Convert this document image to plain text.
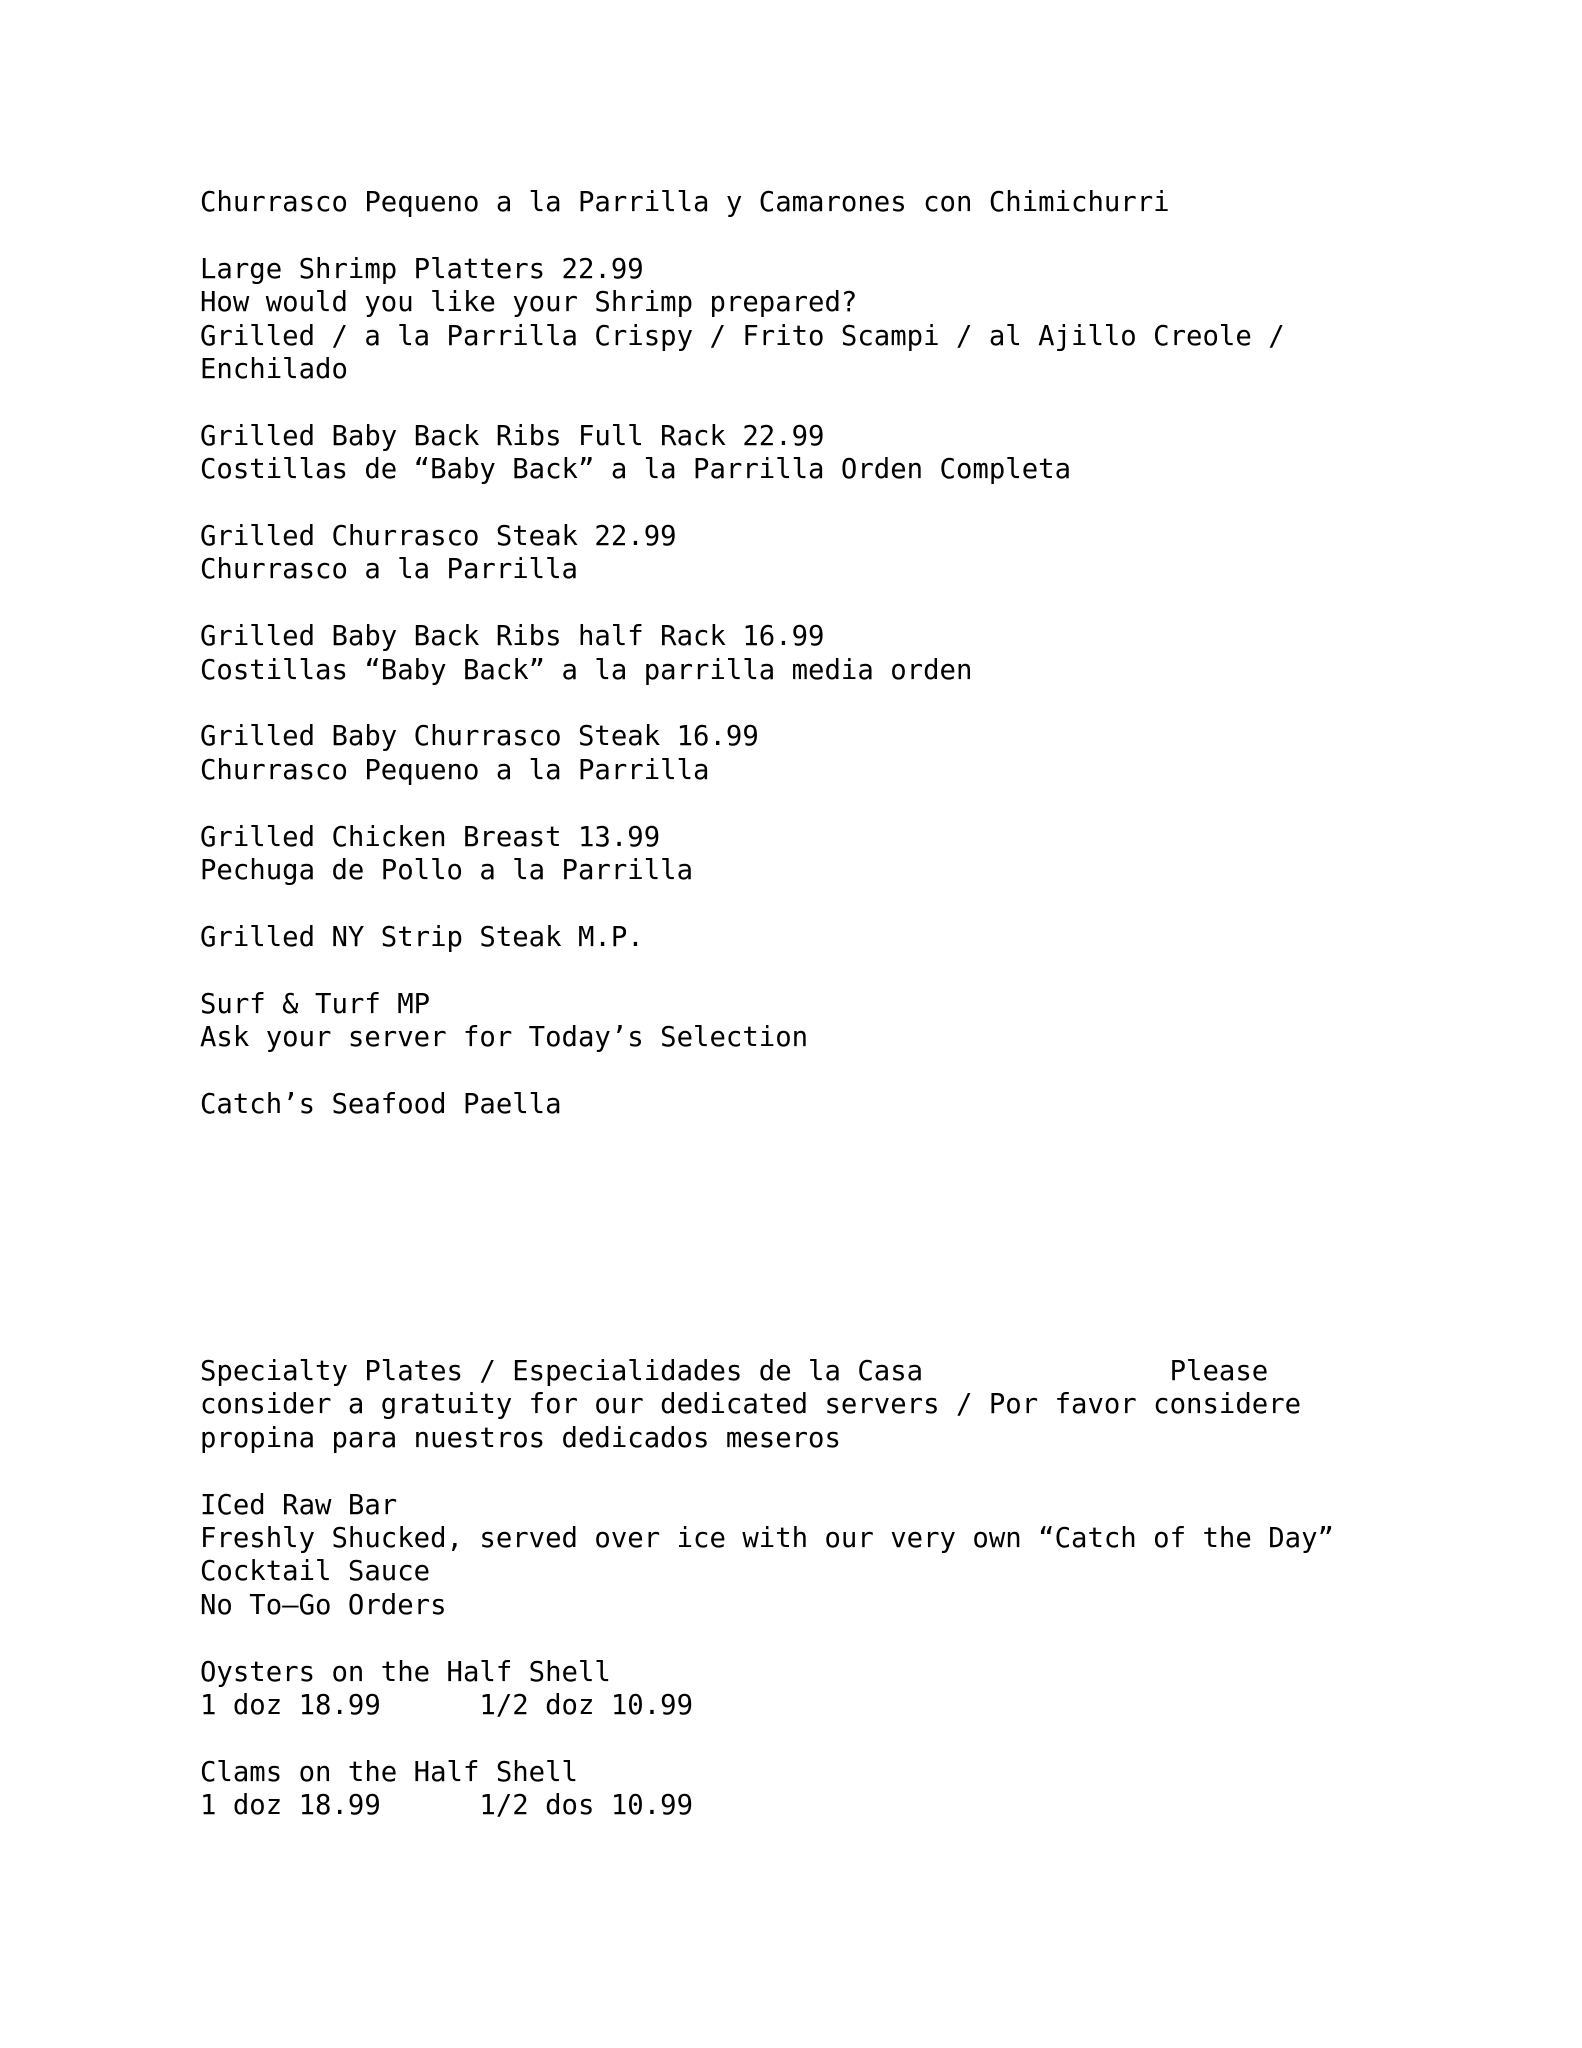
Churrasco Pequeno a la Parrilla y Camarones con Chimichurri
Large Shrimp Platters 22.99
How would you like your Shrimp prepared?
Grilled / a la Parrilla Crispy / Frito Scampi / al Ajillo Creole /
Enchilado
Grilled Baby Back Ribs Full Rack 22.99
Costillas de “Baby Back” a la Parrilla Orden Completa
Grilled Churrasco Steak 22.99
Churrasco a la Parrilla
Grilled Baby Back Ribs half Rack 16.99
Costillas “Baby Back” a la parrilla media orden
Grilled Baby Churrasco Steak 16.99
Churrasco Pequeno a la Parrilla
Grilled Chicken Breast 13.99
Pechuga de Pollo a la Parrilla
Grilled NY Strip Steak M.P.
Surf & Turf MP
Ask your server for Today’s Selection
Catch’s Seafood Paella
Specialty Plates / Especialidades de la Casa               Please
consider a gratuity for our dedicated servers / Por favor considere
propina para nuestros dedicados meseros
ICed Raw Bar
Freshly Shucked, served over ice with our very own “Catch of the Day”
Cocktail Sauce
No To–Go Orders
Oysters on the Half Shell
1 doz 18.99      1/2 doz 10.99
Clams on the Half Shell
1 doz 18.99      1/2 dos 10.99
